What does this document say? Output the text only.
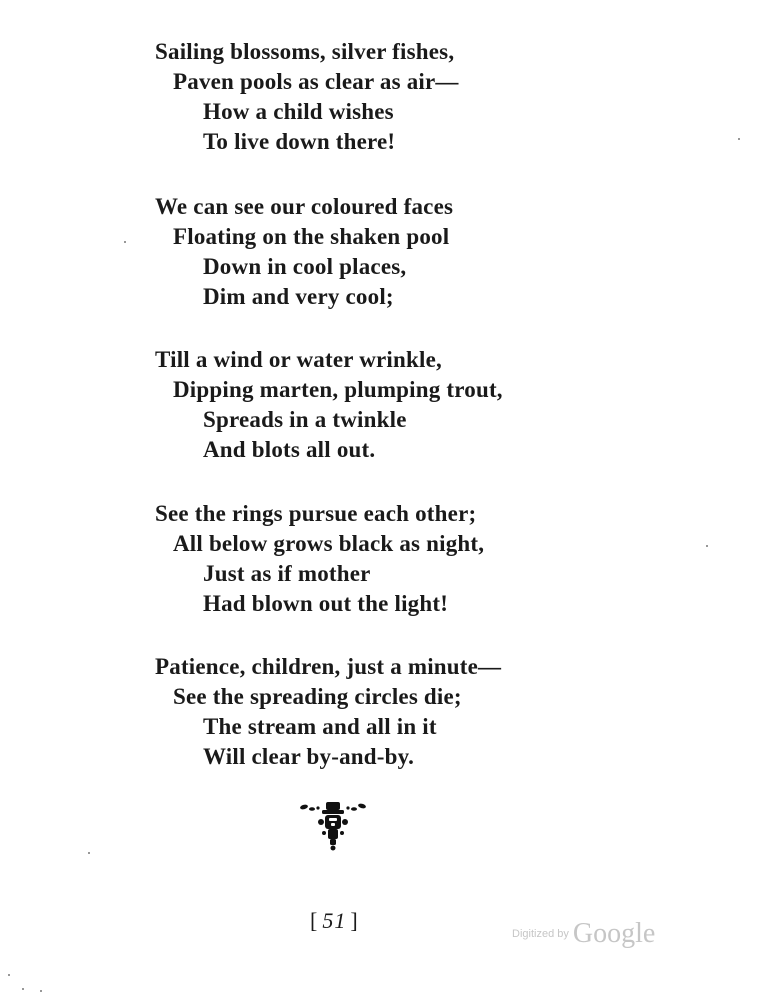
Sailing blossoms, silver fishes,
Paven pools as clear as air—
How a child wishes
To live down there!
We can see our coloured faces
Floating on the shaken pool
Down in cool places,
Dim and very cool;
Till a wind or water wrinkle,
Dipping marten, plumping trout,
Spreads in a twinkle
And blots all out.
See the rings pursue each other;
All below grows black as night,
Just as if mother
Had blown out the light!
Patience, children, just a minute—
See the spreading circles die;
The stream and all in it
Will clear by-and-by.
[ 51 ]
Digitized by Google
